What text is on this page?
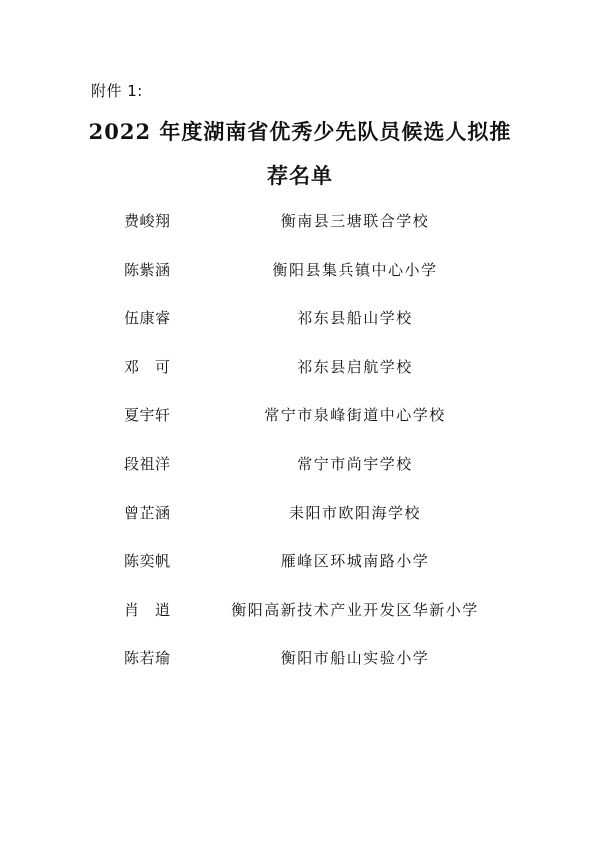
附件 1:
2022 年度湖南省优秀少先队员候选人拟推
荐名单
费峻翔	衡南县三塘联合学校
陈紫涵	衡阳县集兵镇中心小学
伍康睿	祁东县船山学校
邓可	祁东县启航学校
夏宇轩	常宁市泉峰街道中心学校
段祖洋	常宁市尚宇学校
曾芷涵	耒阳市欧阳海学校
陈奕帆	雁峰区环城南路小学
肖逍	衡阳高新技术产业开发区华新小学
陈若瑜	衡阳市船山实验小学
